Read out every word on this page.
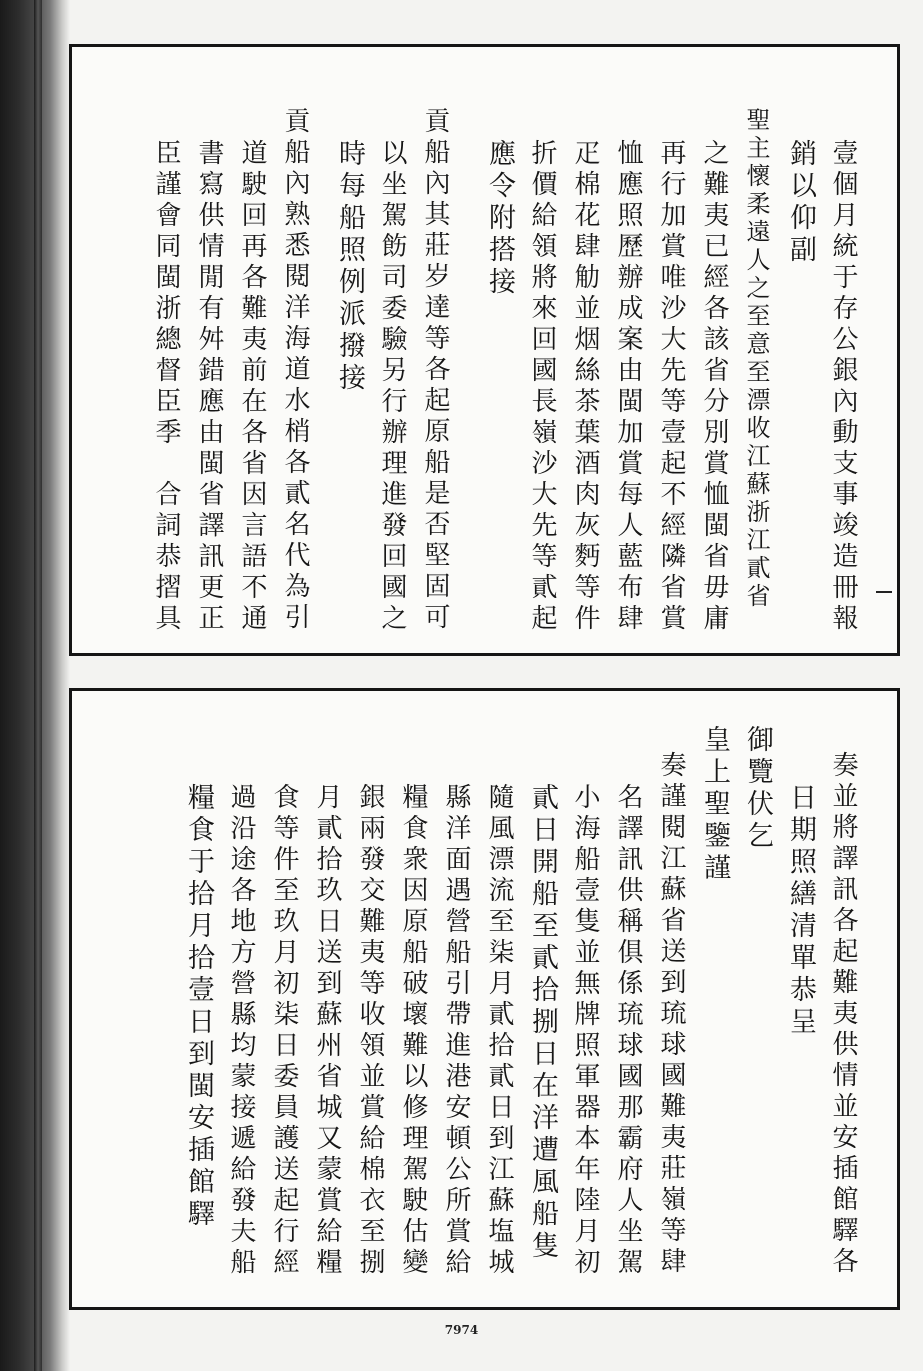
壹個月統于存公銀內動支事竣造冊報
銷以仰副
聖主懷柔遠人之至意至漂收江蘇浙江貳省
之難夷已經各該省分別賞恤閩省毋庸
再行加賞唯沙大先等壹起不經隣省賞
恤應照歷辦成案由閩加賞每人藍布肆
疋棉花肆觔並烟絲茶葉酒肉灰麪等件
折價給領將來回國長嶺沙大先等貳起
應令附搭接
貢船內其莊岁達等各起原船是否堅固可
以坐駕飭司委驗另行辦理進發回國之
時每船照例派撥接
貢船內熟悉閱洋海道水梢各貳名代為引
道駛回再各難夷前在各省因言語不通
書寫供情閒有舛錯應由閩省譯訊更正
臣謹會同閩浙總督臣季　合詞恭摺具
奏並將譯訊各起難夷供情並安插館驛各
日期照繕清單恭呈
御覽伏乞
皇上聖鑒謹
奏謹閱江蘇省送到琉球國難夷莊嶺等肆
名譯訊供稱俱係琉球國那霸府人坐駕
小海船壹隻並無牌照軍器本年陸月初
貳日開船至貳拾捌日在洋遭風船隻
隨風漂流至柒月貳拾貳日到江蘇塩城
縣洋面遇營船引帶進港安頓公所賞給
糧食衆因原船破壞難以修理駕駛估變
銀兩發交難夷等收領並賞給棉衣至捌
月貳拾玖日送到蘇州省城又蒙賞給糧
食等件至玖月初柒日委員護送起行經
過沿途各地方營縣均蒙接遞給發夫船
糧食于拾月拾壹日到閩安插館驛
7974
